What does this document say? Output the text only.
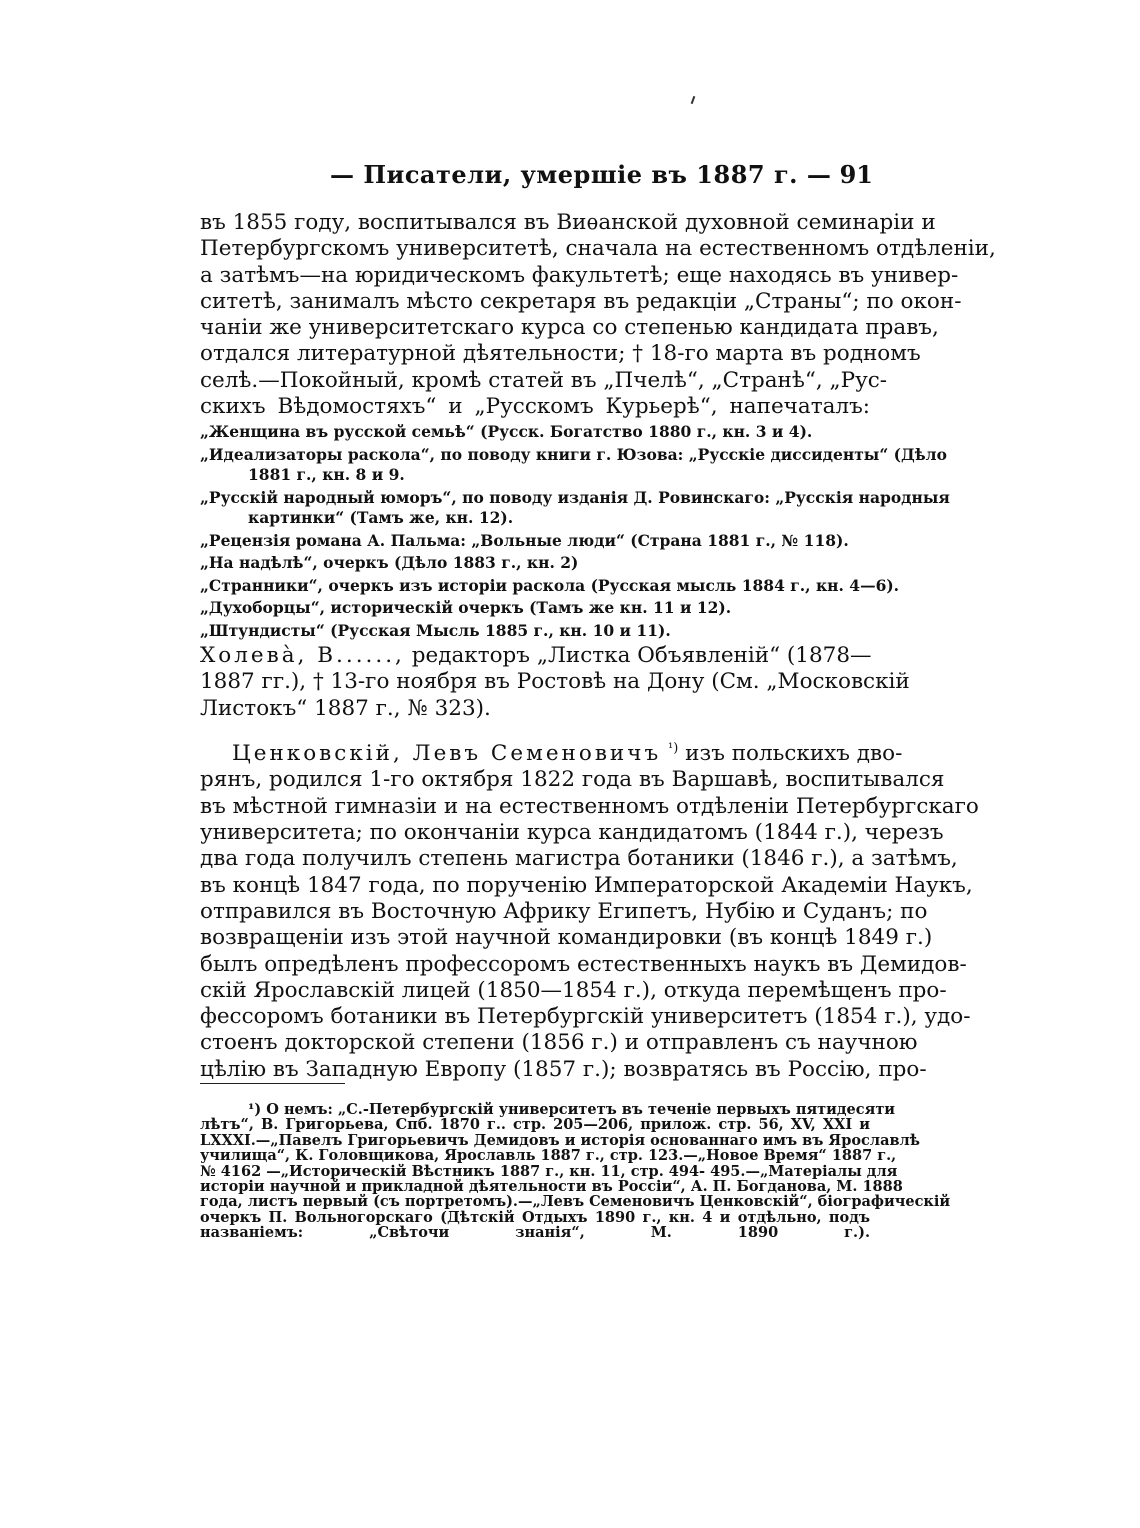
— Писатели, умершіе въ 1887 г. — 91
въ 1855 году, воспитывался въ Виѳанской духовной семинаріи и
Петербургскомъ университетѣ, сначала на естественномъ отдѣленіи,
а затѣмъ—на юридическомъ факультетѣ; еще находясь въ универ-
ситетѣ, занималъ мѣсто секретаря въ редакціи „Страны“; по окон-
чаніи же университетскаго курса со степенью кандидата правъ,
отдался литературной дѣятельности; † 18-го марта въ родномъ
селѣ.—Покойный, кромѣ статей въ „Пчелѣ“, „Странѣ“, „Рус-
скихъ Вѣдомостяхъ“ и „Русскомъ Курьерѣ“, напечаталъ:
„Женщина въ русской семьѣ“ (Русск. Богатство 1880 г., кн. 3 и 4).
„Идеализаторы раскола“, по поводу книги г. Юзова: „Русскіе диссиденты“ (Дѣло
1881 г., кн. 8 и 9.
„Русскій народный юморъ“, по поводу изданія Д. Ровинскаго: „Русскія народныя
картинки“ (Тамъ же, кн. 12).
„Рецензія романа А. Пальма: „Вольные люди“ (Страна 1881 г., № 118).
„На надѣлѣ“, очеркъ (Дѣло 1883 г., кн. 2)
„Странники“, очеркъ изъ исторіи раскола (Русская мысль 1884 г., кн. 4—6).
„Духоборцы“, историческій очеркъ (Тамъ же кн. 11 и 12).
„Штундисты“ (Русская Мысль 1885 г., кн. 10 и 11).
Холевà, В......, редакторъ „Листка Объявленій“ (1878—
1887 гг.), † 13-го ноября въ Ростовѣ на Дону (См. „Московскій
Листокъ“ 1887 г., № 323).
Ценковскій, Левъ Семеновичъ $^{^1)}$ изъ польскихъ дво-
рянъ, родился 1-го октября 1822 года въ Варшавѣ, воспитывался
въ мѣстной гимназіи и на естественномъ отдѣленіи Петербургскаго
университета; по окончаніи курса кандидатомъ (1844 г.), черезъ
два года получилъ степень магистра ботаники (1846 г.), а затѣмъ,
въ концѣ 1847 года, по порученію Императорской Академіи Наукъ,
отправился въ Восточную Африку Египетъ, Нубію и Суданъ; по
возвращеніи изъ этой научной командировки (въ концѣ 1849 г.)
былъ опредѣленъ профессоромъ естественныхъ наукъ въ Демидов-
скій Ярославскій лицей (1850—1854 г.), откуда перемѣщенъ про-
фессоромъ ботаники въ Петербургскій университетъ (1854 г.), удо-
стоенъ докторской степени (1856 г.) и отправленъ съ научною
цѣлію въ Западную Европу (1857 г.); возвратясь въ Россію, про-
¹) О немъ: „С.-Петербургскій университетъ въ теченіе первыхъ пятидесяти
лѣтъ“, В. Григорьева, Спб. 1870 г.. стр. 205—206, прилож. стр. 56, XV, XXI и
LXXXI.—„Павелъ Григорьевичъ Демидовъ и исторія основаннаго имъ въ Ярославлѣ
училища“, К. Головщикова, Ярославль 1887 г., стр. 123.—„Новое Время“ 1887 г.,
№ 4162 —„Историческій Вѣстникъ 1887 г., кн. 11, стр. 494- 495.—„Матеріалы для
исторіи научной и прикладной дѣятельности въ Россіи“, А. П. Богданова, М. 1888
года, листъ первый (съ портретомъ).—„Левъ Семеновичъ Ценковскій“, біографическій
очеркъ П. Вольногорскаго (Дѣтскій Отдыхъ 1890 г., кн. 4 и отдѣльно, подъ
названіемъ: „Свѣточи знанія“, М. 1890 г.).
